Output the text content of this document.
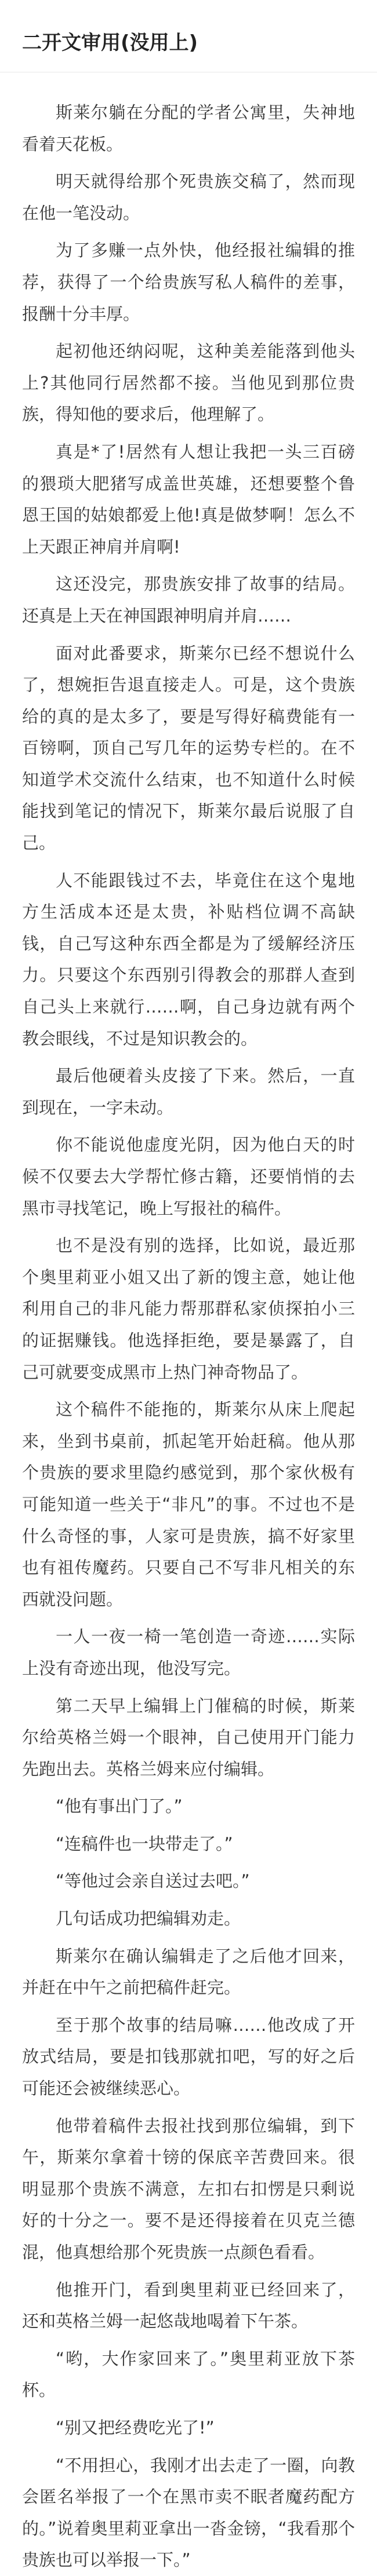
二开文审用(没用上)

斯莱尔躺在分配的学者公寓里，失神地看着天花板。

明天就得给那个死贵族交稿了，然而现在他一笔没动。

为了多赚一点外快，他经报社编辑的推荐，获得了一个给贵族写私人稿件的差事，报酬十分丰厚。

起初他还纳闷呢，这种美差能落到他头上?其他同行居然都不接。当他见到那位贵族，得知他的要求后，他理解了。

真是*了!居然有人想让我把一头三百磅的猥琐大肥猪写成盖世英雄，还想要整个鲁恩王国的姑娘都爱上他!真是做梦啊！怎么不上天跟正神肩并肩啊!

这还没完，那贵族安排了故事的结局。还真是上天在神国跟神明肩并肩……

面对此番要求，斯莱尔已经不想说什么了，想婉拒告退直接走人。可是，这个贵族给的真的是太多了，要是写得好稿费能有一百镑啊，顶自己写几年的运势专栏的。在不知道学术交流什么结束，也不知道什么时候能找到笔记的情况下，斯莱尔最后说服了自己。

人不能跟钱过不去，毕竟住在这个鬼地方生活成本还是太贵，补贴档位调不高缺钱，自己写这种东西全都是为了缓解经济压力。只要这个东西别引得教会的那群人查到自己头上来就行……啊，自己身边就有两个教会眼线，不过是知识教会的。

最后他硬着头皮接了下来。然后，一直到现在，一字未动。

你不能说他虚度光阴，因为他白天的时候不仅要去大学帮忙修古籍，还要悄悄的去黑市寻找笔记，晚上写报社的稿件。

也不是没有别的选择，比如说，最近那个奥里莉亚小姐又出了新的馊主意，她让他利用自己的非凡能力帮那群私家侦探拍小三的证据赚钱。他选择拒绝，要是暴露了，自己可就要变成黑市上热门神奇物品了。

这个稿件不能拖的，斯莱尔从床上爬起来，坐到书桌前，抓起笔开始赶稿。他从那个贵族的要求里隐约感觉到，那个家伙极有可能知道一些关于“非凡”的事。不过也不是什么奇怪的事，人家可是贵族，搞不好家里也有祖传魔药。只要自己不写非凡相关的东西就没问题。

一人一夜一椅一笔创造一奇迹……实际上没有奇迹出现，他没写完。

第二天早上编辑上门催稿的时候，斯莱尔给英格兰姆一个眼神，自己使用开门能力先跑出去。英格兰姆来应付编辑。

“他有事出门了。”

“连稿件也一块带走了。”

“等他过会亲自送过去吧。”

几句话成功把编辑劝走。

斯莱尔在确认编辑走了之后他才回来，并赶在中午之前把稿件赶完。

至于那个故事的结局嘛……他改成了开放式结局，要是扣钱那就扣吧，写的好之后可能还会被继续恶心。

他带着稿件去报社找到那位编辑，到下午，斯莱尔拿着十镑的保底辛苦费回来。很明显那个贵族不满意，左扣右扣愣是只剩说好的十分之一。要不是还得接着在贝克兰德混，他真想给那个死贵族一点颜色看看。

他推开门，看到奥里莉亚已经回来了，还和英格兰姆一起悠哉地喝着下午茶。

“哟，大作家回来了。”奥里莉亚放下茶杯。

“别又把经费吃光了!”

“不用担心，我刚才出去走了一圈，向教会匿名举报了一个在黑市卖不眠者魔药配方的。”说着奥里莉亚拿出一沓金镑，“我看那个贵族也可以举报一下。”
